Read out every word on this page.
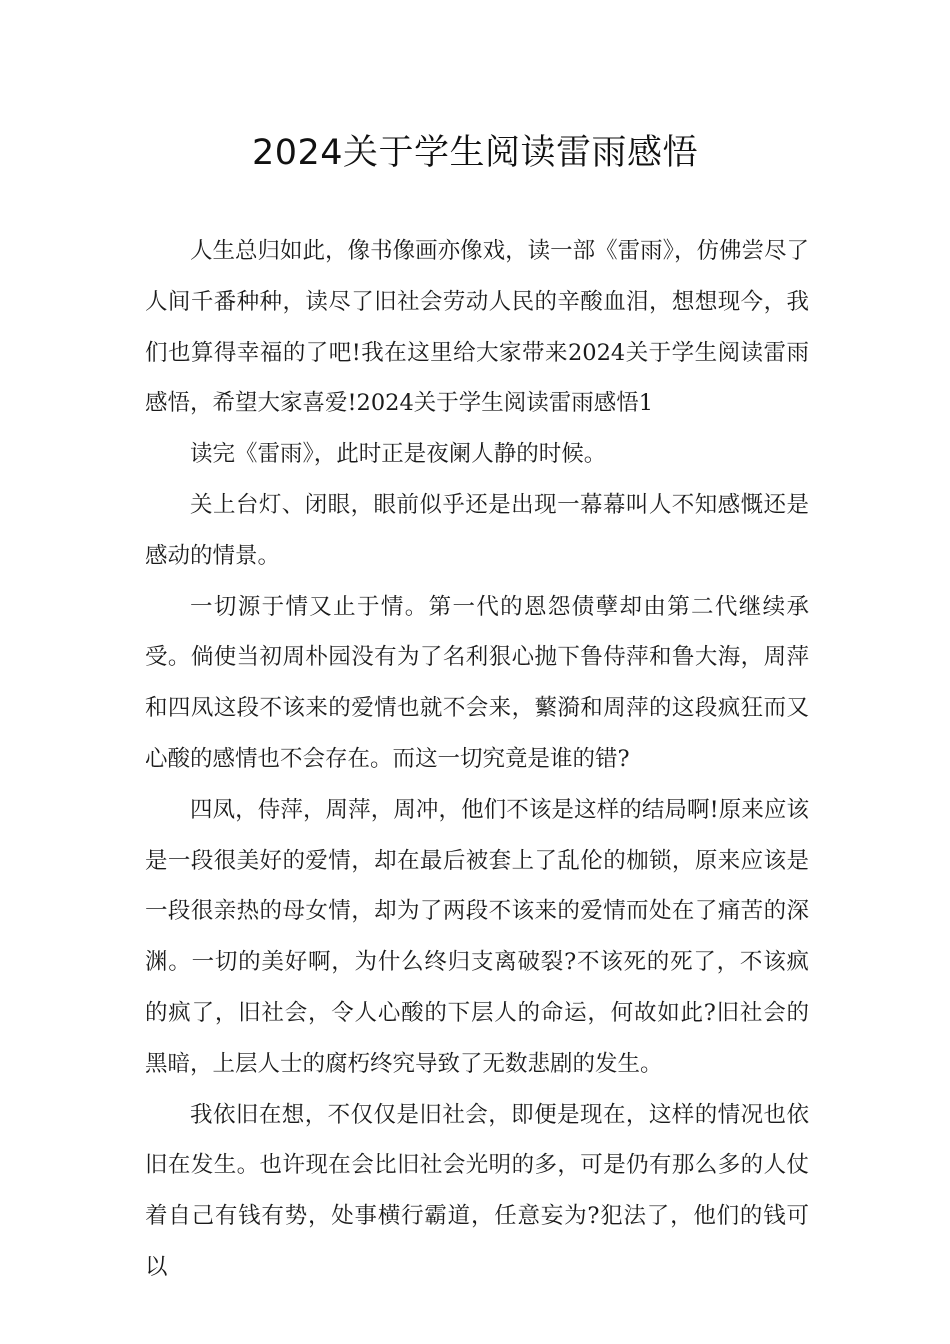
2024关于学生阅读雷雨感悟

人生总归如此，像书像画亦像戏，读一部《雷雨》，仿佛尝尽了人间千番种种，读尽了旧社会劳动人民的辛酸血泪，想想现今，我们也算得幸福的了吧!我在这里给大家带来2024关于学生阅读雷雨感悟，希望大家喜爱!2024关于学生阅读雷雨感悟1

读完《雷雨》，此时正是夜阑人静的时候。

关上台灯、闭眼，眼前似乎还是出现一幕幕叫人不知感慨还是感动的情景。

一切源于情又止于情。第一代的恩怨债孽却由第二代继续承受。倘使当初周朴园没有为了名利狠心抛下鲁侍萍和鲁大海，周萍和四凤这段不该来的爱情也就不会来，蘩漪和周萍的这段疯狂而又心酸的感情也不会存在。而这一切究竟是谁的错?

四凤，侍萍，周萍，周冲，他们不该是这样的结局啊!原来应该是一段很美好的爱情，却在最后被套上了乱伦的枷锁，原来应该是一段很亲热的母女情，却为了两段不该来的爱情而处在了痛苦的深渊。一切的美好啊，为什么终归支离破裂?不该死的死了，不该疯的疯了，旧社会，令人心酸的下层人的命运，何故如此?旧社会的黑暗，上层人士的腐朽终究导致了无数悲剧的发生。

我依旧在想，不仅仅是旧社会，即便是现在，这样的情况也依旧在发生。也许现在会比旧社会光明的多，可是仍有那么多的人仗着自己有钱有势，处事横行霸道，任意妄为?犯法了，他们的钱可以
